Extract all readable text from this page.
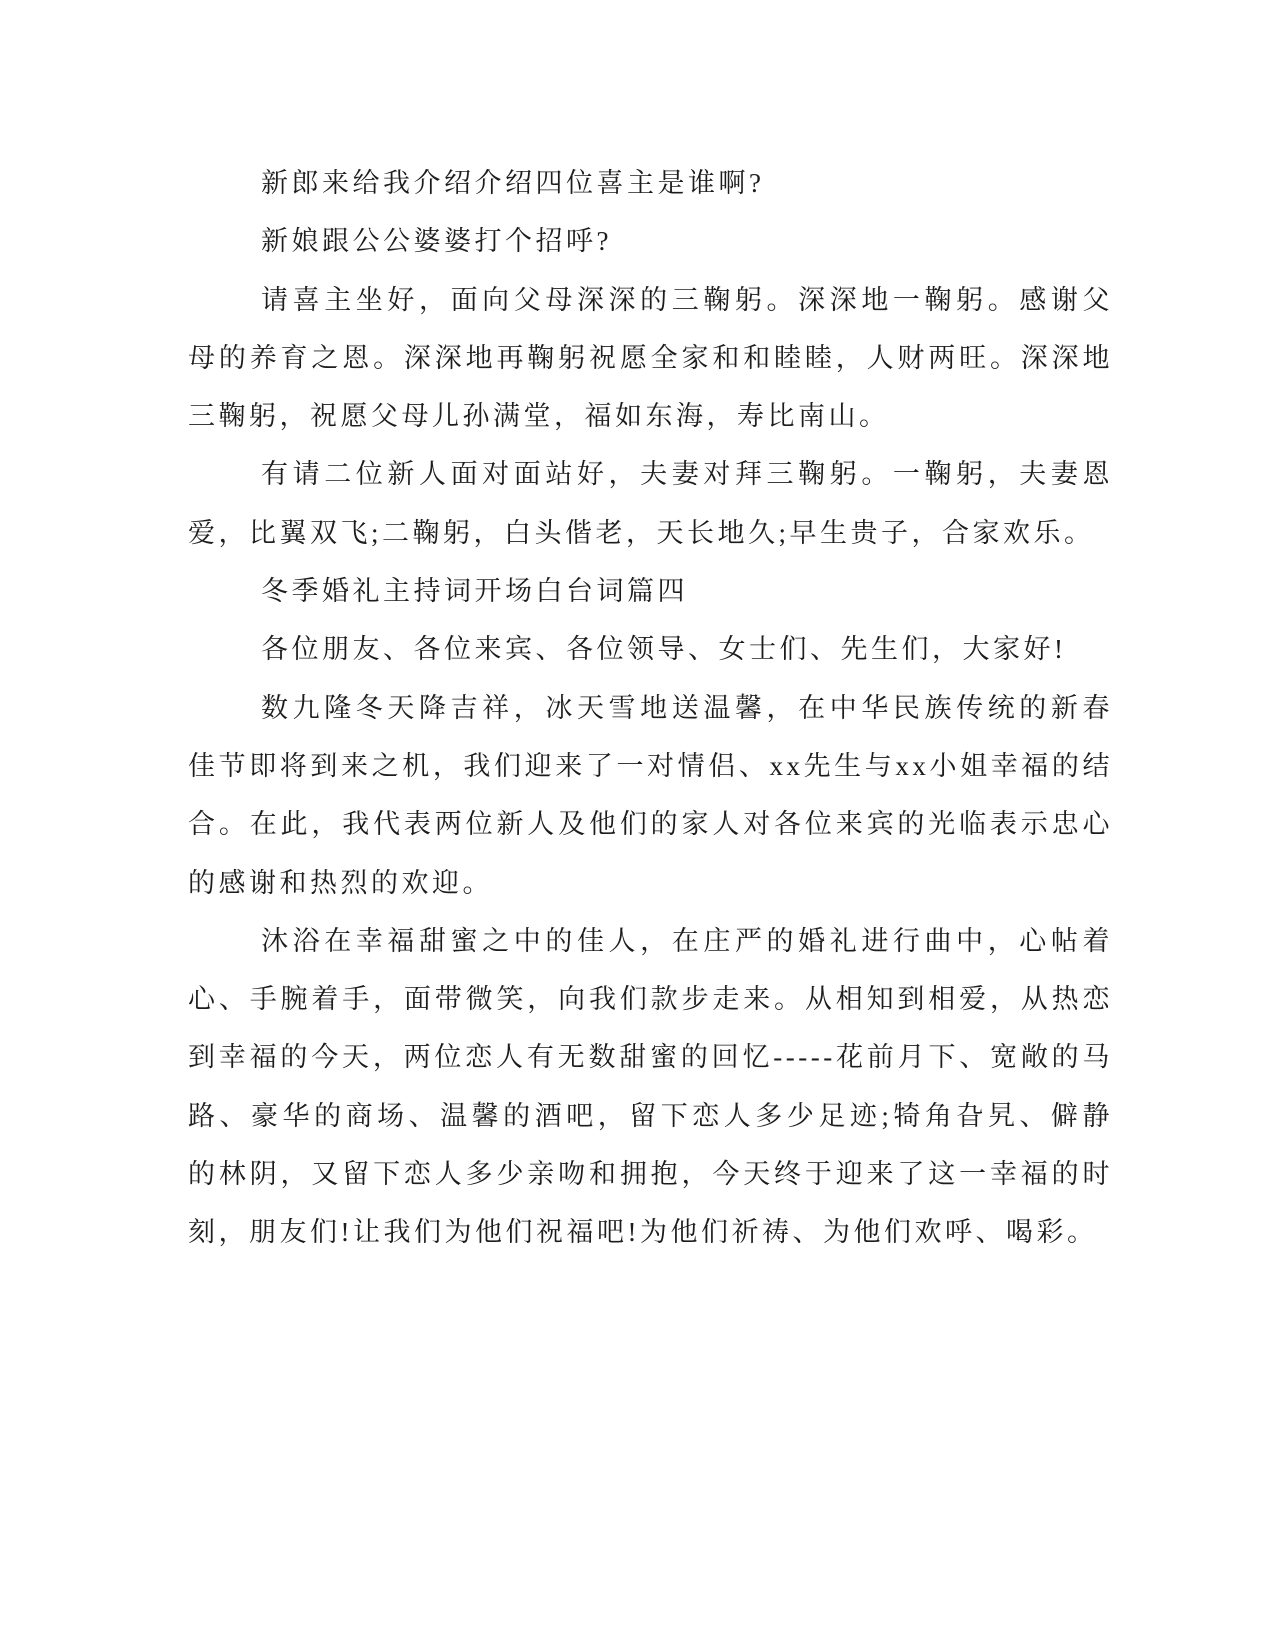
新郎来给我介绍介绍四位喜主是谁啊?

新娘跟公公婆婆打个招呼?

请喜主坐好，面向父母深深的三鞠躬。深深地一鞠躬。感谢父母的养育之恩。深深地再鞠躬祝愿全家和和睦睦，人财两旺。深深地三鞠躬，祝愿父母儿孙满堂，福如东海，寿比南山。

有请二位新人面对面站好，夫妻对拜三鞠躬。一鞠躬，夫妻恩爱，比翼双飞;二鞠躬，白头偕老，天长地久;早生贵子，合家欢乐。

冬季婚礼主持词开场白台词篇四

各位朋友、各位来宾、各位领导、女士们、先生们，大家好!

数九隆冬天降吉祥，冰天雪地送温馨，在中华民族传统的新春佳节即将到来之机，我们迎来了一对情侣、xx先生与xx小姐幸福的结合。在此，我代表两位新人及他们的家人对各位来宾的光临表示忠心的感谢和热烈的欢迎。

沐浴在幸福甜蜜之中的佳人，在庄严的婚礼进行曲中，心帖着心、手腕着手，面带微笑，向我们款步走来。从相知到相爱，从热恋到幸福的今天，两位恋人有无数甜蜜的回忆-----花前月下、宽敞的马路、豪华的商场、温馨的酒吧，留下恋人多少足迹;犄角旮旯、僻静的林阴，又留下恋人多少亲吻和拥抱，今天终于迎来了这一幸福的时刻，朋友们!让我们为他们祝福吧!为他们祈祷、为他们欢呼、喝彩。
